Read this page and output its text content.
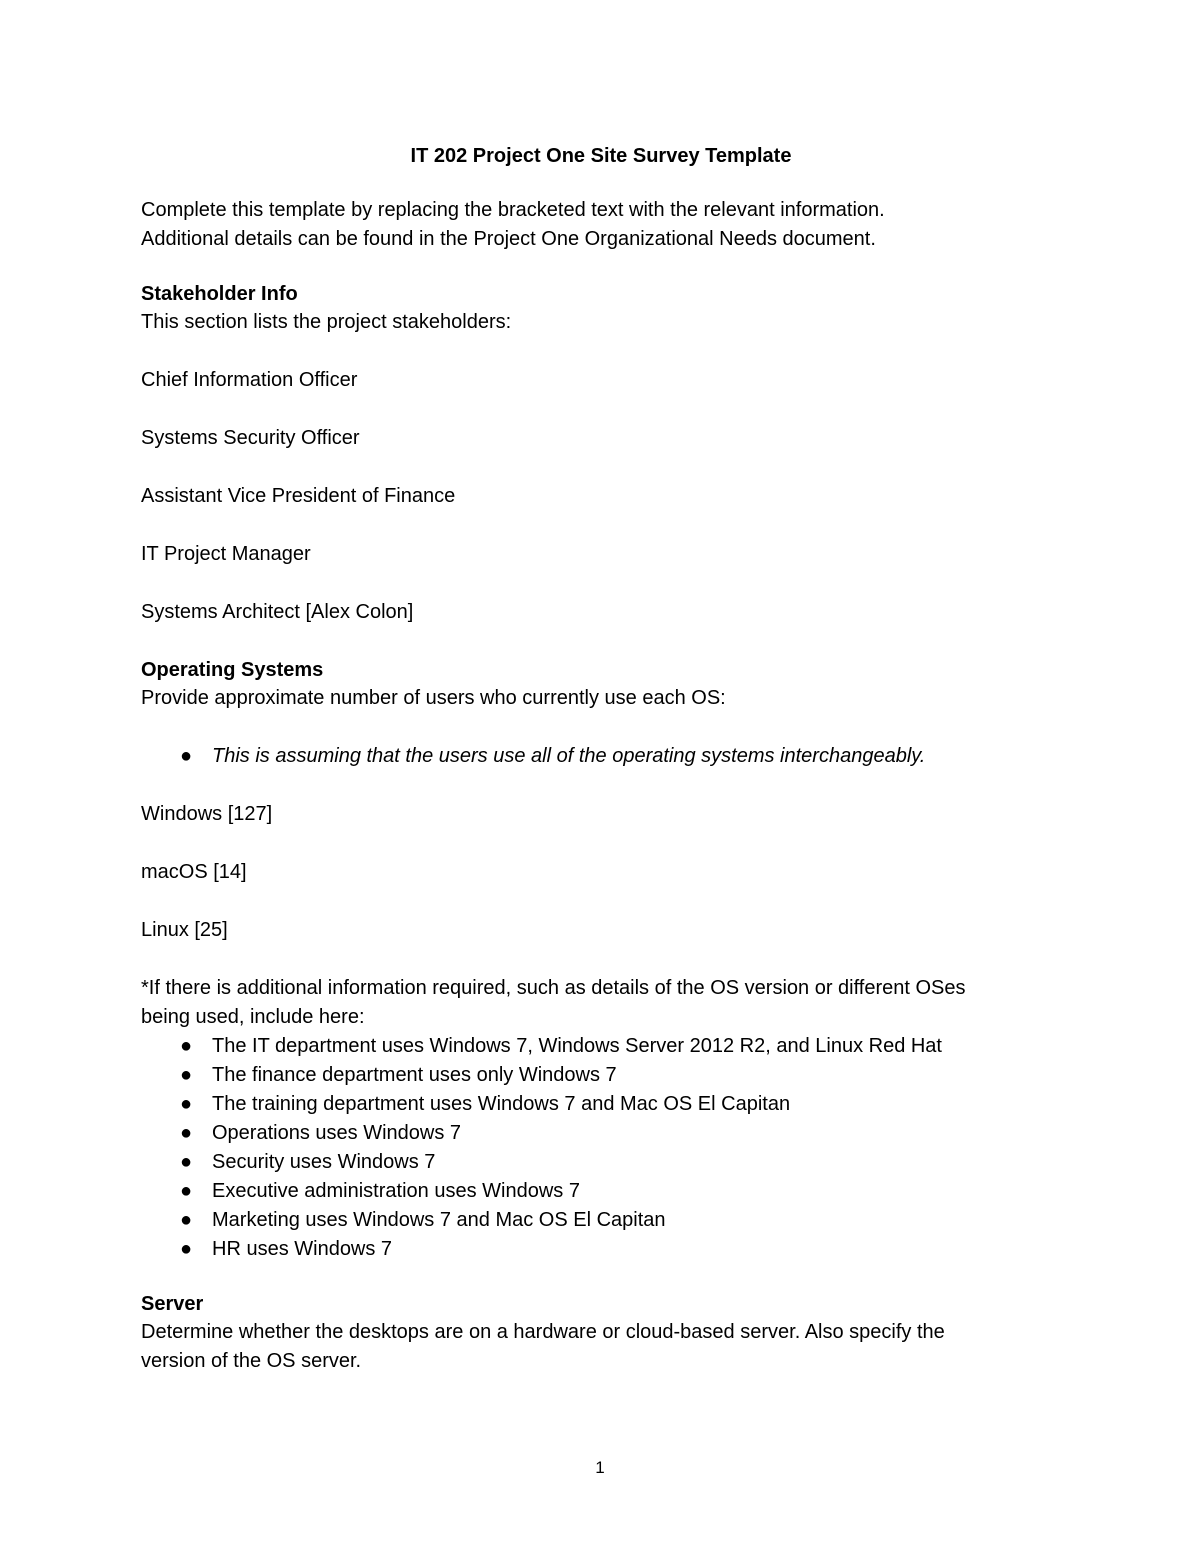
IT 202 Project One Site Survey Template

Complete this template by replacing the bracketed text with the relevant information.

Additional details can be found in the Project One Organizational Needs document.

Stakeholder Info

This section lists the project stakeholders:

Chief Information Officer

Systems Security Officer

Assistant Vice President of Finance

IT Project Manager

Systems Architect [Alex Colon]

Operating Systems

Provide approximate number of users who currently use each OS:

● This is assuming that the users use all of the operating systems interchangeably.

Windows [127]

macOS [14]

Linux [25]

*If there is additional information required, such as details of the OS version or different OSes

being used, include here:

● The IT department uses Windows 7, Windows Server 2012 R2, and Linux Red Hat
● The finance department uses only Windows 7
● The training department uses Windows 7 and Mac OS El Capitan
● Operations uses Windows 7
● Security uses Windows 7
● Executive administration uses Windows 7
● Marketing uses Windows 7 and Mac OS El Capitan
● HR uses Windows 7

Server

Determine whether the desktops are on a hardware or cloud-based server. Also specify the

version of the OS server.

1
